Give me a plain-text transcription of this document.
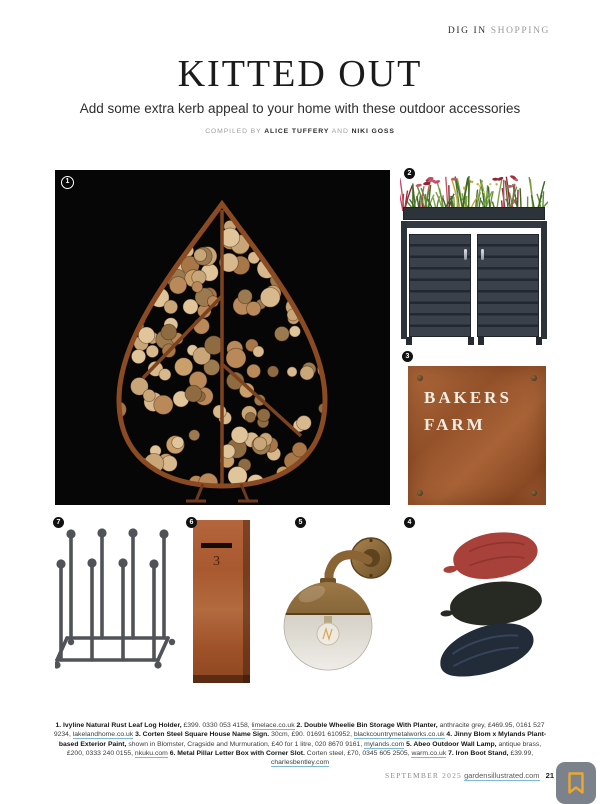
DIG IN SHOPPING
KITTED OUT

Add some extra kerb appeal to your home with these outdoor accessories

COMPILED BY ALICE TUFFERY AND NIKI GOSS

1
2
3
BAKERS
FARM
7	6
3
5	4

1. Ivyline Natural Rust Leaf Log Holder, £399. 0330 053 4158, limelace.co.uk 2. Double Wheelie Bin Storage With Planter, anthracite grey, £469.95, 0161 527 9234, lakelandhome.co.uk 3. Corten Steel Square House Name Sign. 30cm, £90. 01691 610952, blackcountrymetalworks.co.uk 4. Jinny Blom x Mylands Plant-based Exterior Paint, shown in Blomster, Cragside and Murmuration, £40 for 1 litre, 020 8670 9161, mylands.com 5. Abeo Outdoor Wall Lamp, antique brass, £200, 0333 240 0155, nkuku.com 6. Metal Pillar Letter Box with Corner Slot. Corten steel, £70, 0345 605 2505, warm.co.uk 7. Iron Boot Stand, £39.99, charlesbentley.com

SEPTEMBER 2025 gardensillustrated.com 21
